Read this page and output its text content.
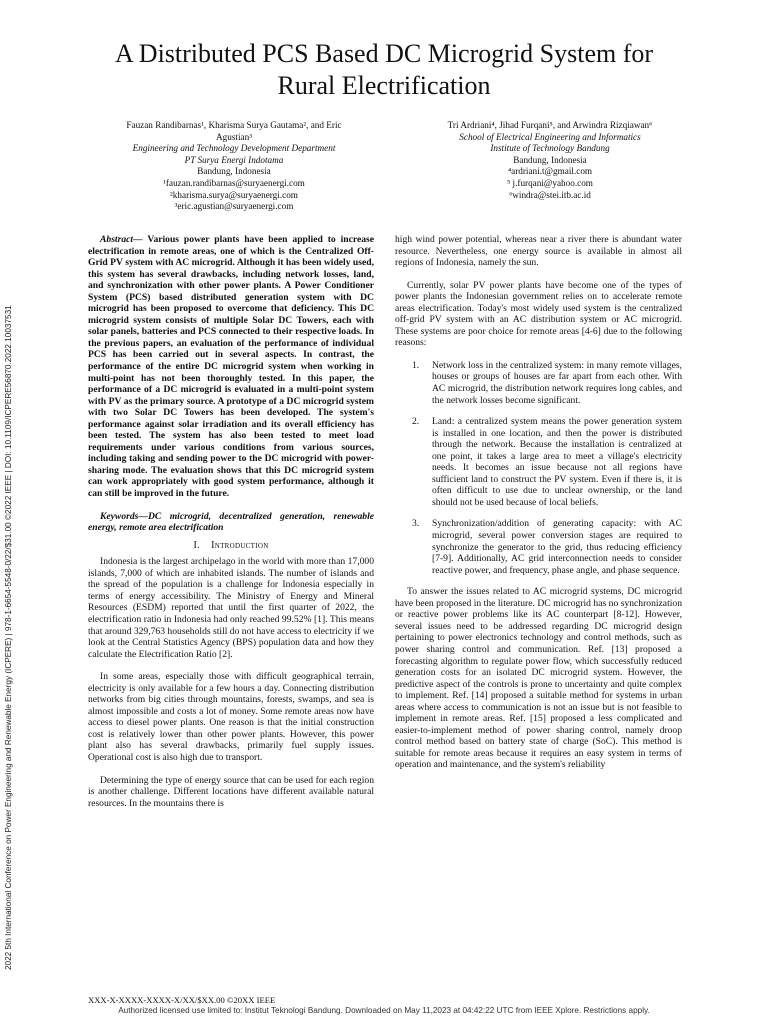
A Distributed PCS Based DC Microgrid System for
Rural Electrification
Fauzan Randibarnas¹, Kharisma Surya Gautama², and Eric
Agustian³
Engineering and Technology Development Department
PT Surya Energi Indotama
Bandung, Indonesia
¹fauzan.randibarnas@suryaenergi.com
²kharisma.surya@suryaenergi.com
³eric.agustian@suryaenergi.com
Tri Ardriani⁴, Jihad Furqani⁵, and Arwindra Rizqiawan⁶
School of Electrical Engineering and Informatics
Institute of Technology Bandung
Bandung, Indonesia
⁴ardriani.t@gmail.com
⁵ j.furqani@yahoo.com
⁶windra@stei.itb.ac.id
2022 5th International Conference on Power Engineering and Renewable Energy (ICPERE) | 978-1-6654-5548-0/22/$31.00 ©2022 IEEE | DOI: 10.1109/ICPERE56870.2022.10037531

Abstract— Various power plants have been applied to increase electrification in remote areas, one of which is the Centralized Off-Grid PV system with AC microgrid. Although it has been widely used, this system has several drawbacks, including network losses, land, and synchronization with other power plants. A Power Conditioner System (PCS) based distributed generation system with DC microgrid has been proposed to overcome that deficiency. This DC microgrid system consists of multiple Solar DC Towers, each with solar panels, batteries and PCS connected to their respective loads. In the previous papers, an evaluation of the performance of individual PCS has been carried out in several aspects. In contrast, the performance of the entire DC microgrid system when working in multi-point has not been thoroughly tested. In this paper, the performance of a DC microgrid is evaluated in a multi-point system with PV as the primary source. A prototype of a DC microgrid system with two Solar DC Towers has been developed. The system's performance against solar irradiation and its overall efficiency has been tested. The system has also been tested to meet load requirements under various conditions from various sources, including taking and sending power to the DC microgrid with power-sharing mode. The evaluation shows that this DC microgrid system can work appropriately with good system performance, although it can still be improved in the future.

Keywords—DC microgrid, decentralized generation, renewable energy, remote area electrification

I. Introduction

Indonesia is the largest archipelago in the world with more than 17,000 islands, 7,000 of which are inhabited islands. The number of islands and the spread of the population is a challenge for Indonesia especially in terms of energy accessibility. The Ministry of Energy and Mineral Resources (ESDM) reported that until the first quarter of 2022, the electrification ratio in Indonesia had only reached 99.52% [1]. This means that around 329,763 households still do not have access to electricity if we look at the Central Statistics Agency (BPS) population data and how they calculate the Electrification Ratio [2].

In some areas, especially those with difficult geographical terrain, electricity is only available for a few hours a day. Connecting distribution networks from big cities through mountains, forests, swamps, and sea is almost impossible and costs a lot of money. Some remote areas now have access to diesel power plants. One reason is that the initial construction cost is relatively lower than other power plants. However, this power plant also has several drawbacks, primarily fuel supply issues. Operational cost is also high due to transport.

Determining the type of energy source that can be used for each region is another challenge. Different locations have different available natural resources. In the mountains there is

high wind power potential, whereas near a river there is abundant water resource. Nevertheless, one energy source is available in almost all regions of Indonesia, namely the sun.

Currently, solar PV power plants have become one of the types of power plants the Indonesian government relies on to accelerate remote areas electrification. Today's most widely used system is the centralized off-grid PV system with an AC distribution system or AC microgrid. These systems are poor choice for remote areas [4-6] due to the following reasons:

1. Network loss in the centralized system: in many remote villages, houses or groups of houses are far apart from each other. With AC microgrid, the distribution network requires long cables, and the network losses become significant.
2. Land: a centralized system means the power generation system is installed in one location, and then the power is distributed through the network. Because the installation is centralized at one point, it takes a large area to meet a village's electricity needs. It becomes an issue because not all regions have sufficient land to construct the PV system. Even if there is, it is often difficult to use due to unclear ownership, or the land should not be used because of local beliefs.
3. Synchronization/addition of generating capacity: with AC microgrid, several power conversion stages are required to synchronize the generator to the grid, thus reducing efficiency [7-9]. Additionally, AC grid interconnection needs to consider reactive power, and frequency, phase angle, and phase sequence.

To answer the issues related to AC microgrid systems, DC microgrid have been proposed in the literature. DC microgrid has no synchronization or reactive power problems like its AC counterpart [8-12]. However, several issues need to be addressed regarding DC microgrid design pertaining to power electronics technology and control methods, such as power sharing control and communication. Ref. [13] proposed a forecasting algorithm to regulate power flow, which successfully reduced generation costs for an isolated DC microgrid system. However, the predictive aspect of the controls is prone to uncertainty and quite complex to implement. Ref. [14] proposed a suitable method for systems in urban areas where access to communication is not an issue but is not feasible to implement in remote areas. Ref. [15] proposed a less complicated and easier-to-implement method of power sharing control, namely droop control method based on battery state of charge (SoC). This method is suitable for remote areas because it requires an easy system in terms of operation and maintenance, and the system's reliability

XXX-X-XXXX-XXXX-X/XX/$XX.00 ©20XX IEEE
Authorized licensed use limited to: Institut Teknologi Bandung. Downloaded on May 11,2023 at 04:42:22 UTC from IEEE Xplore. Restrictions apply.
